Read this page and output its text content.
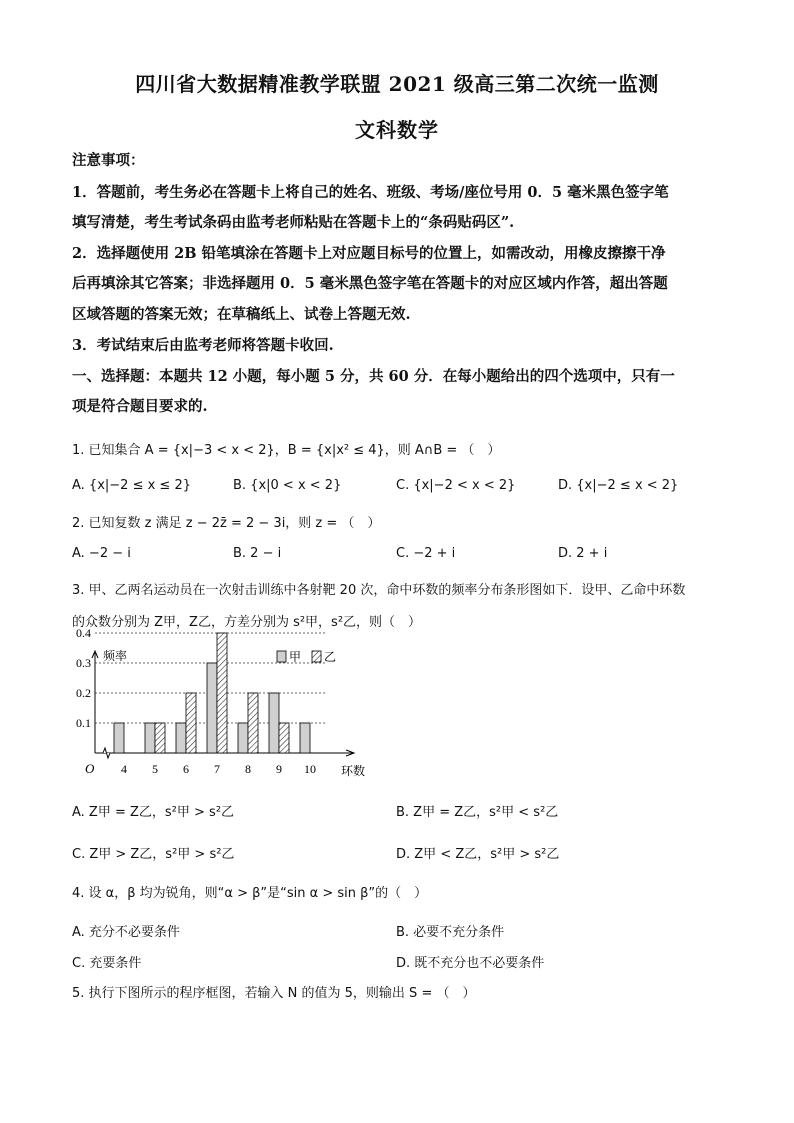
四川省大数据精准教学联盟 2021 级高三第二次统一监测
文科数学
注意事项：
1．答题前，考生务必在答题卡上将自己的姓名、班级、考场/座位号用 0．5 毫米黑色签字笔
填写清楚，考生考试条码由监考老师粘贴在答题卡上的“条码贴码区”.
2．选择题使用 2B 铅笔填涂在答题卡上对应题目标号的位置上，如需改动，用橡皮擦擦干净
后再填涂其它答案；非选择题用 0．5 毫米黑色签字笔在答题卡的对应区域内作答，超出答题
区域答题的答案无效；在草稿纸上、试卷上答题无效.
3．考试结束后由监考老师将答题卡收回.
一、选择题：本题共 12 小题，每小题 5 分，共 60 分．在每小题给出的四个选项中，只有一
项是符合题目要求的.
1. 已知集合 A = {x|−3 < x < 2}，B = {x|x² ≤ 4}，则 A∩B = （　）
A. {x|−2 ≤ x ≤ 2}	B. {x|0 < x < 2}	C. {x|−2 < x < 2}	D. {x|−2 ≤ x < 2}
2. 已知复数 z 满足 z − 2z̄ = 2 − 3i，则 z = （　）
A. −2 − i	B. 2 − i	C. −2 + i	D. 2 + i
3. 甲、乙两名运动员在一次射击训练中各射靶 20 次，命中环数的频率分布条形图如下．设甲、乙命中环数
的众数分别为 Z甲，Z乙，方差分别为 s²甲，s²乙，则（　）
0.1
0.2
0.3
0.4
O
频率
环数
4 5 6 7 8 9 10
甲 乙
A. Z甲 = Z乙，s²甲 > s²乙	B. Z甲 = Z乙，s²甲 < s²乙
C. Z甲 > Z乙，s²甲 > s²乙	D. Z甲 < Z乙，s²甲 > s²乙
4. 设 α，β 均为锐角，则“α > β”是“sin α > sin β”的（　）
A. 充分不必要条件	B. 必要不充分条件
C. 充要条件	D. 既不充分也不必要条件
5. 执行下图所示的程序框图，若输入 N 的值为 5，则输出 S = （　）
